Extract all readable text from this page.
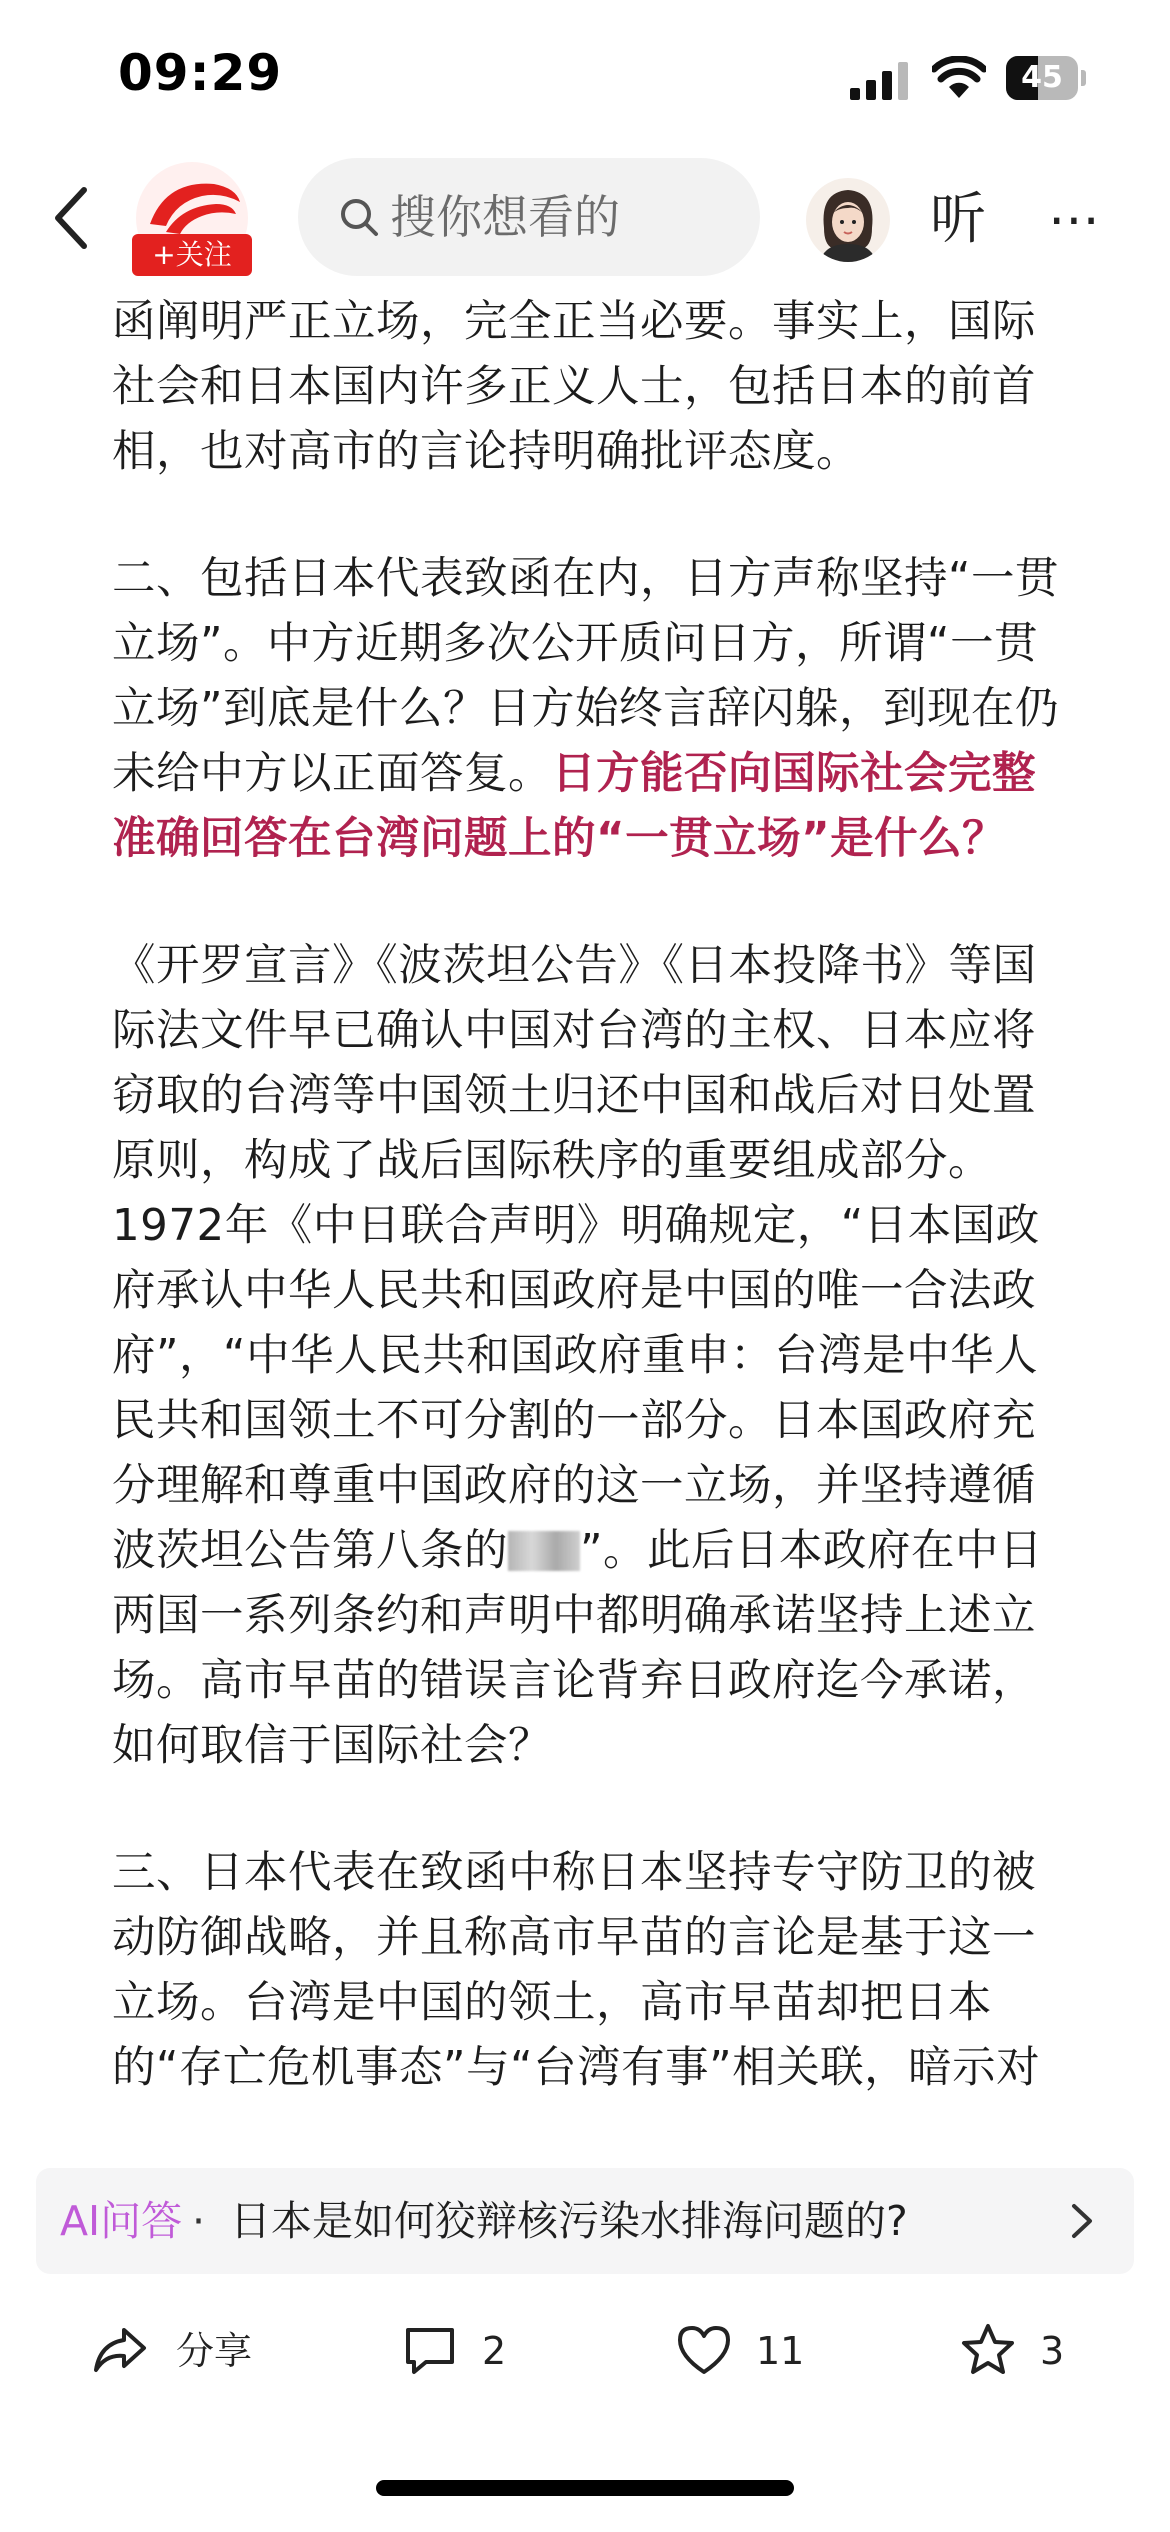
09:29	45
+关注
搜你想看的	听 ⋯

函阐明严正立场，完全正当必要。事实上，国际社会和日本国内许多正义人士，包括日本的前首相，也对高市的言论持明确批评态度。

二、包括日本代表致函在内，日方声称坚持“一贯立场”。中方近期多次公开质问日方，所谓“一贯立场”到底是什么？日方始终言辞闪躲，到现在仍未给中方以正面答复。日方能否向国际社会完整准确回答在台湾问题上的“一贯立场”是什么？

《开罗宣言》《波茨坦公告》《日本投降书》等国际法文件早已确认中国对台湾的主权、日本应将窃取的台湾等中国领土归还中国和战后对日处置原则，构成了战后国际秩序的重要组成部分。1972年《中日联合声明》明确规定，“日本国政府承认中华人民共和国政府是中国的唯一合法政府”，“中华人民共和国政府重申：台湾是中华人民共和国领土不可分割的一部分。日本国政府充分理解和尊重中国政府的这一立场，并坚持遵循波茨坦公告第八条的 ”。此后日本政府在中日两国一系列条约和声明中都明确承诺坚持上述立场。高市早苗的错误言论背弃日政府迄今承诺，如何取信于国际社会？

三、日本代表在致函中称日本坚持专守防卫的被动防御战略，并且称高市早苗的言论是基于这一立场。台湾是中国的领土，高市早苗却把日本的“存亡危机事态”与“台湾有事”相关联，暗示对

AI问答 · 日本是如何狡辩核污染水排海问题的?
分享	2	11	3
